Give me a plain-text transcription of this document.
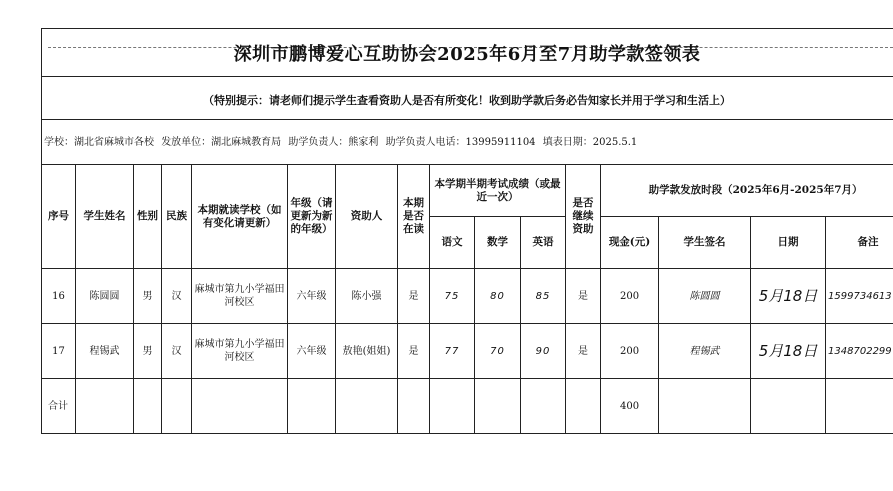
深圳市鹏博爱心互助协会2025年6月至7月助学款签领表
（特别提示：请老师们提示学生查看资助人是否有所变化！收到助学款后务必告知家长并用于学习和生活上）
学校：湖北省麻城市各校 发放单位：湖北麻城教育局 助学负责人：熊家利 助学负责人电话：13995911104 填表日期：2025.5.1
序号	学生姓名	性别	民族	本期就读学校（如有变化请更新）	年级（请更新为新的年级）	资助人	本期是否在读	本学期半期考试成绩（或最近一次）			是否继续资助	助学款发放时段（2025年6月-2025年7月）			
								语文	数学	英语		现金(元)	学生签名	日期	备注
16	陈圆圆	男	汉	麻城市第九小学福田河校区	六年级	陈小强	是	75	80	85	是	200	陈圆圆	5月18日	1599734613
17	程锡武	男	汉	麻城市第九小学福田河校区	六年级	敖艳(姐姐)	是	77	70	90	是	200	程锡武	5月18日	1348702299
合计												400			
